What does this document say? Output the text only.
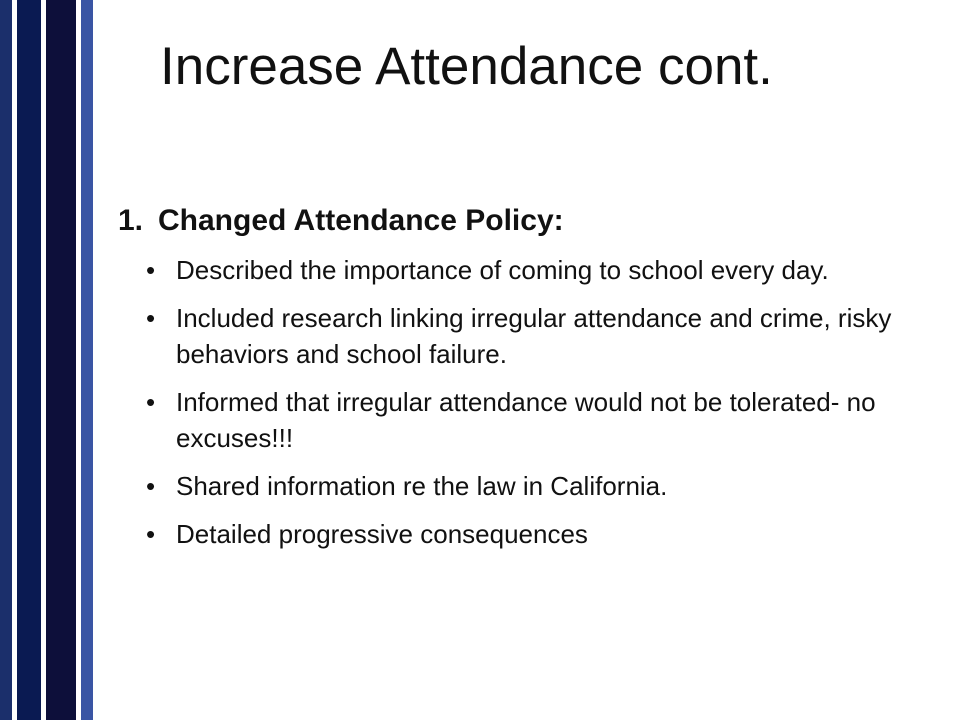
Increase Attendance cont.
1. Changed Attendance Policy:
• Described the importance of coming to school every day.
• Included research linking irregular attendance and crime, risky behaviors and school failure.
• Informed that irregular attendance would not be tolerated- no excuses!!!
• Shared information re the law in California.
• Detailed progressive consequences
